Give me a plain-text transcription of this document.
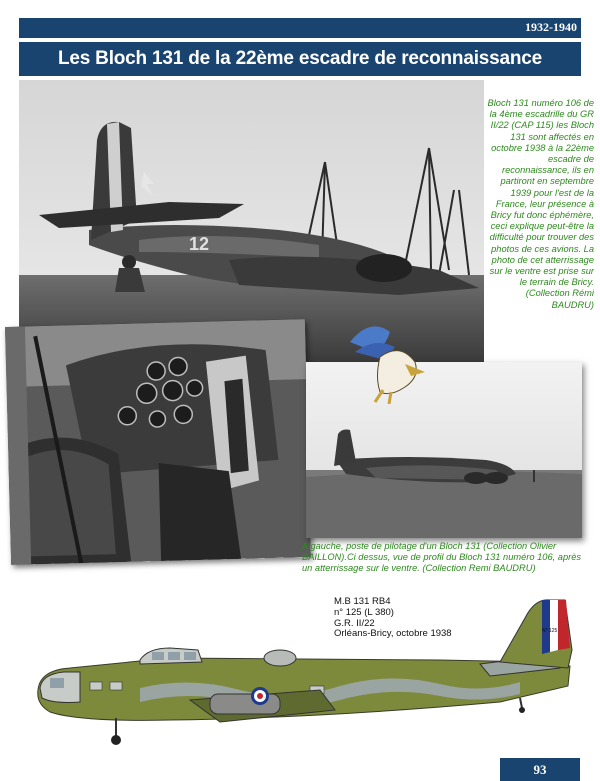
1932-1940
Les Bloch 131 de la 22ème escadre de reconnaissance
12
Bloch 131 numéro 106 de la 4ème escadrille du GR II/22 (CAP 115) les Bloch 131 sont affectés en octobre 1938 à la 22ème escadre de reconnaissance, ils en partiront en septembre 1939 pour l'est de la France, leur présence à Bricy fut donc éphémère, ceci explique peut-être la difficulté pour trouver des photos de ces avions. La photo de cet atterrissage sur le ventre est prise sur le terrain de Bricy. (Collection Rémi BAUDRU)
A gauche, poste de pilotage d'un Bloch 131 (Collection Olivier BAILLON).Ci dessus, vue de profil du Bloch 131 numéro 106, après un atterrissage sur le ventre. (Collection Remi BAUDRU)
M.B 131 RB4
n° 125 (L 380)
G.R. II/22
Orléans-Bricy, octobre 1938	N° 125
93
